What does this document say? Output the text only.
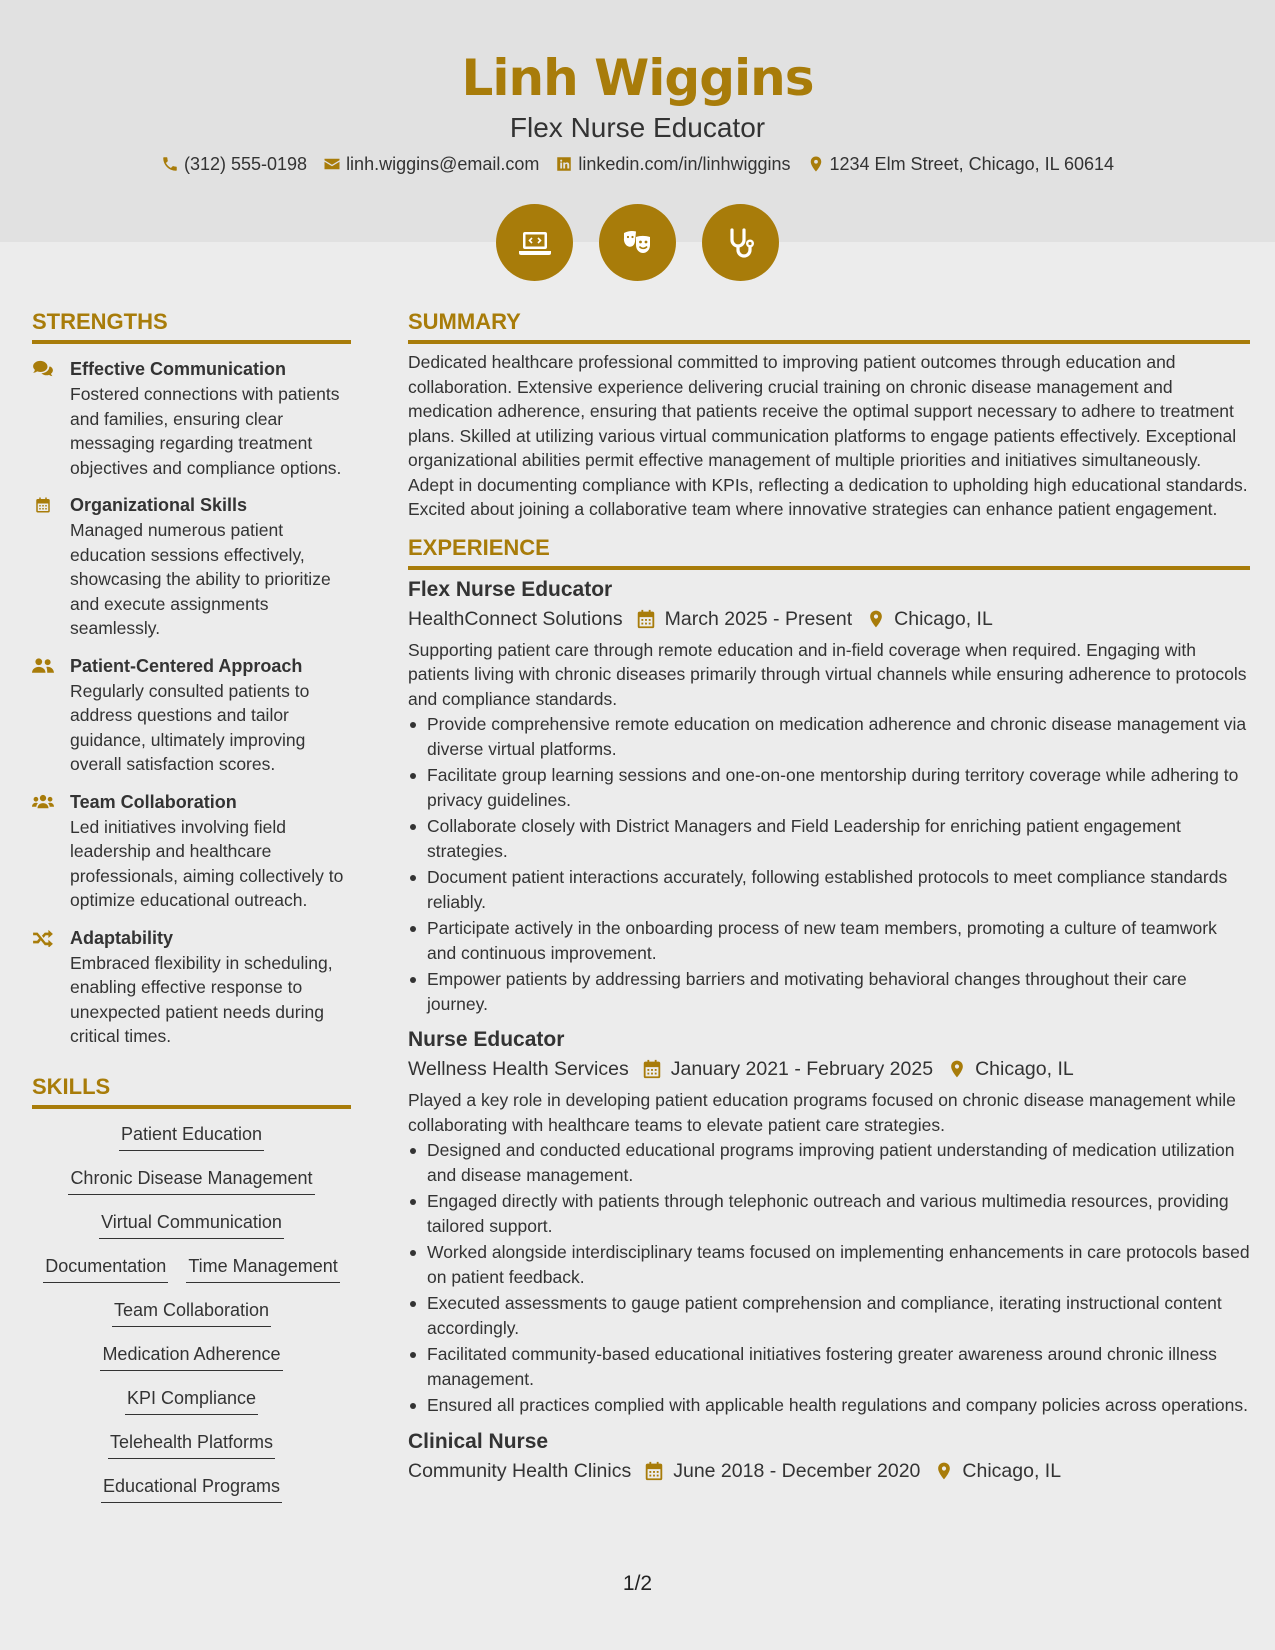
Linh Wiggins
Flex Nurse Educator
(312) 555-0198 linh.wiggins@email.com linkedin.com/in/linhwiggins 1234 Elm Street, Chicago, IL 60614
STRENGTHS
Effective Communication
Fostered connections with patients and families, ensuring clear messaging regarding treatment objectives and compliance options.
Organizational Skills
Managed numerous patient education sessions effectively, showcasing the ability to prioritize and execute assignments seamlessly.
Patient-Centered Approach
Regularly consulted patients to address questions and tailor guidance, ultimately improving overall satisfaction scores.
Team Collaboration
Led initiatives involving field leadership and healthcare professionals, aiming collectively to optimize educational outreach.
Adaptability
Embraced flexibility in scheduling, enabling effective response to unexpected patient needs during critical times.
SKILLS
Patient Education
Chronic Disease Management
Virtual Communication
Documentation Time Management
Team Collaboration
Medication Adherence
KPI Compliance
Telehealth Platforms
Educational Programs
SUMMARY
Dedicated healthcare professional committed to improving patient outcomes through education and collaboration. Extensive experience delivering crucial training on chronic disease management and medication adherence, ensuring that patients receive the optimal support necessary to adhere to treatment plans. Skilled at utilizing various virtual communication platforms to engage patients effectively. Exceptional organizational abilities permit effective management of multiple priorities and initiatives simultaneously. Adept in documenting compliance with KPIs, reflecting a dedication to upholding high educational standards. Excited about joining a collaborative team where innovative strategies can enhance patient engagement.
EXPERIENCE
Flex Nurse Educator
HealthConnect Solutions March 2025 - Present Chicago, IL
Supporting patient care through remote education and in-field coverage when required. Engaging with patients living with chronic diseases primarily through virtual channels while ensuring adherence to protocols and compliance standards.
Provide comprehensive remote education on medication adherence and chronic disease management via diverse virtual platforms.
Facilitate group learning sessions and one-on-one mentorship during territory coverage while adhering to privacy guidelines.
Collaborate closely with District Managers and Field Leadership for enriching patient engagement strategies.
Document patient interactions accurately, following established protocols to meet compliance standards reliably.
Participate actively in the onboarding process of new team members, promoting a culture of teamwork and continuous improvement.
Empower patients by addressing barriers and motivating behavioral changes throughout their care journey.
Nurse Educator
Wellness Health Services January 2021 - February 2025 Chicago, IL
Played a key role in developing patient education programs focused on chronic disease management while collaborating with healthcare teams to elevate patient care strategies.
Designed and conducted educational programs improving patient understanding of medication utilization and disease management.
Engaged directly with patients through telephonic outreach and various multimedia resources, providing tailored support.
Worked alongside interdisciplinary teams focused on implementing enhancements in care protocols based on patient feedback.
Executed assessments to gauge patient comprehension and compliance, iterating instructional content accordingly.
Facilitated community-based educational initiatives fostering greater awareness around chronic illness management.
Ensured all practices complied with applicable health regulations and company policies across operations.
Clinical Nurse
Community Health Clinics June 2018 - December 2020 Chicago, IL
1/2
